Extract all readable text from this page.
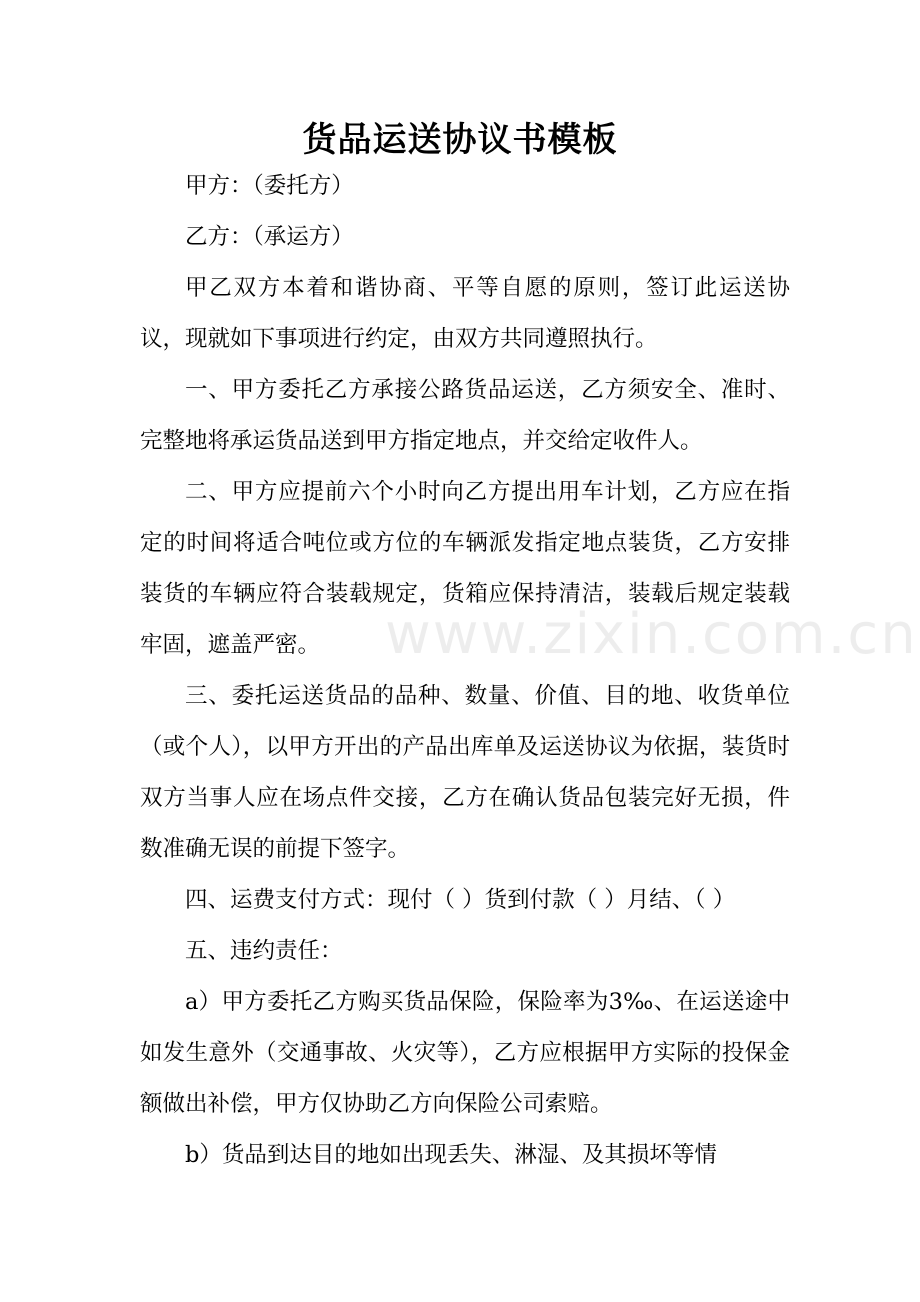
货品运送协议书模板

甲方：（委托方）

乙方：（承运方）

甲乙双方本着和谐协商、平等自愿的原则，签订此运送协议，现就如下事项进行约定，由双方共同遵照执行。

一、甲方委托乙方承接公路货品运送，乙方须安全、准时、完整地将承运货品送到甲方指定地点，并交给定收件人。

二、甲方应提前六个小时向乙方提出用车计划，乙方应在指定的时间将适合吨位或方位的车辆派发指定地点装货，乙方安排装货的车辆应符合装载规定，货箱应保持清洁，装载后规定装载牢固，遮盖严密。

三、委托运送货品的品种、数量、价值、目的地、收货单位（或个人），以甲方开出的产品出库单及运送协议为依据，装货时双方当事人应在场点件交接，乙方在确认货品包装完好无损，件数准确无误的前提下签字。

四、运费支付方式：现付（ ）货到付款（ ）月结、（ ）

五、违约责任：

a）甲方委托乙方购买货品保险，保险率为3‰、在运送途中如发生意外（交通事故、火灾等），乙方应根据甲方实际的投保金额做出补偿，甲方仅协助乙方向保险公司索赔。

b）货品到达目的地如出现丢失、淋湿、及其损坏等情

www.zixin.com.cn
